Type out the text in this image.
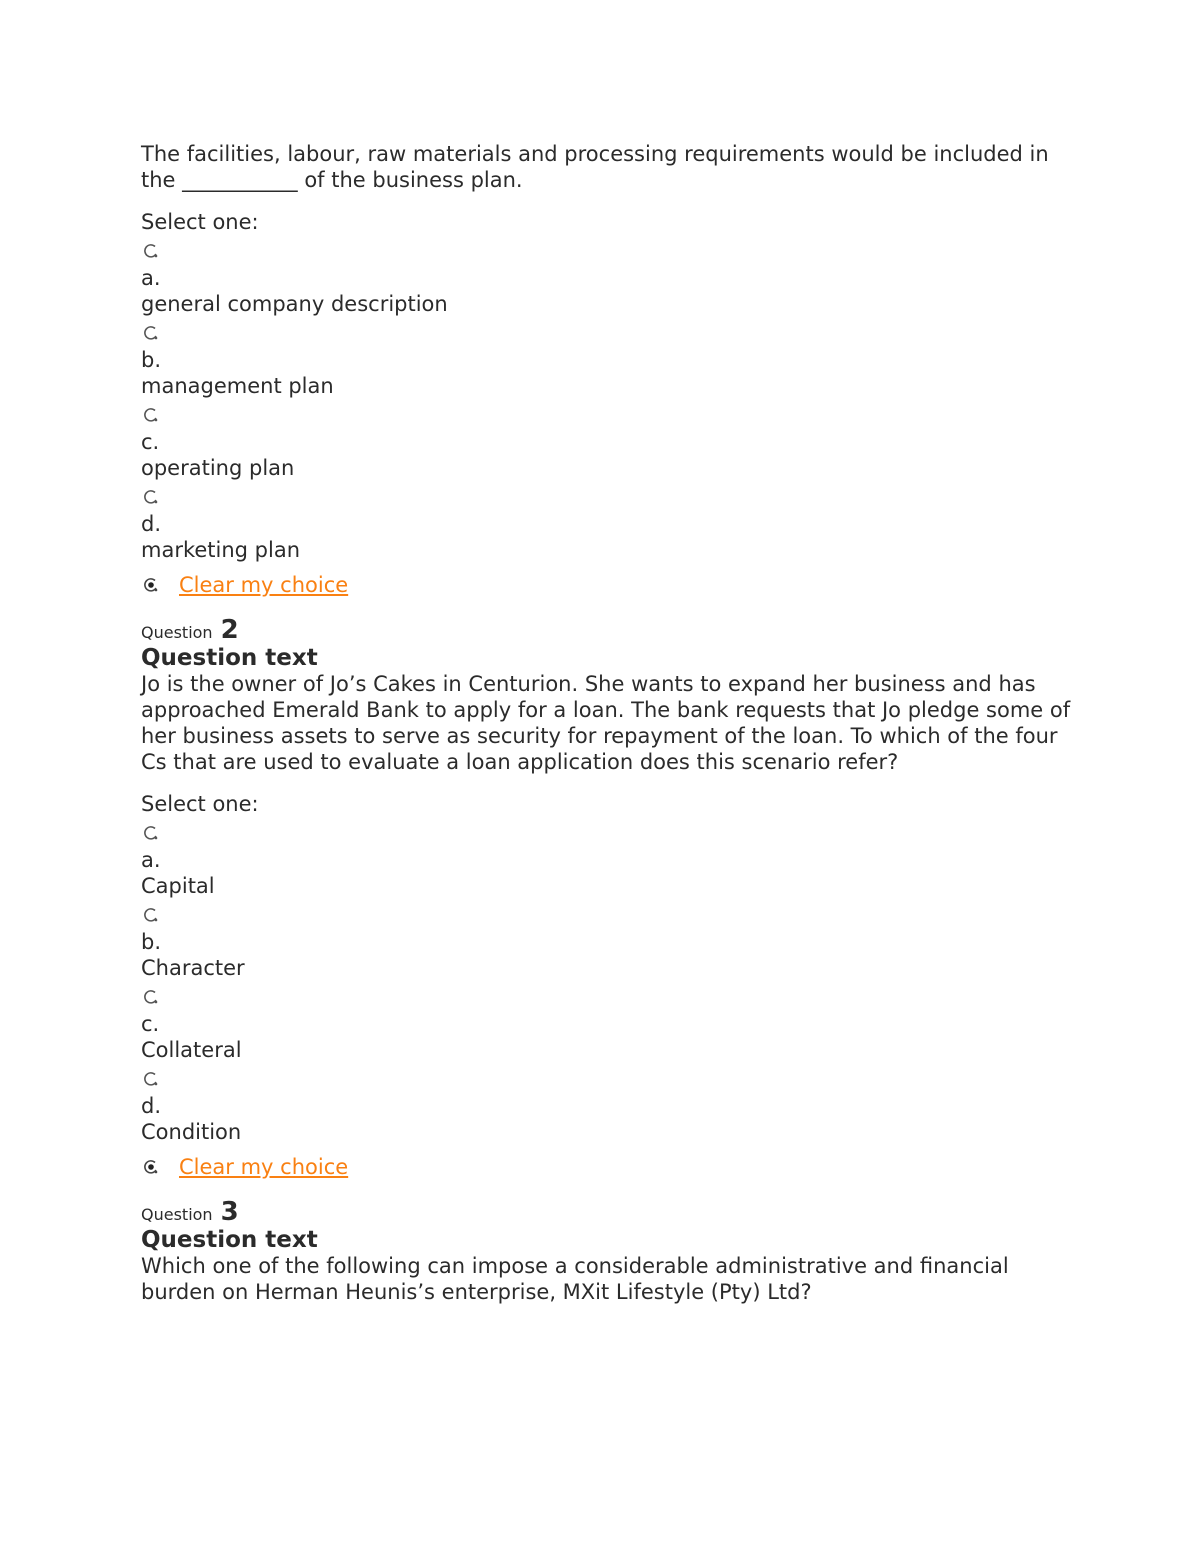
The facilities, labour, raw materials and processing requirements would be included in the ___________ of the business plan.

Select one:

a.
general company description
b.
management plan
c.
operating plan
d.
marketing plan
Clear my choice
Question 2
Question text

Jo is the owner of Jo’s Cakes in Centurion. She wants to expand her business and has approached Emerald Bank to apply for a loan. The bank requests that Jo pledge some of her business assets to serve as security for repayment of the loan. To which of the four Cs that are used to evaluate a loan application does this scenario refer?

Select one:

a.
Capital
b.
Character
c.
Collateral
d.
Condition
Clear my choice
Question 3
Question text

Which one of the following can impose a considerable administrative and financial burden on Herman Heunis’s enterprise, MXit Lifestyle (Pty) Ltd?
